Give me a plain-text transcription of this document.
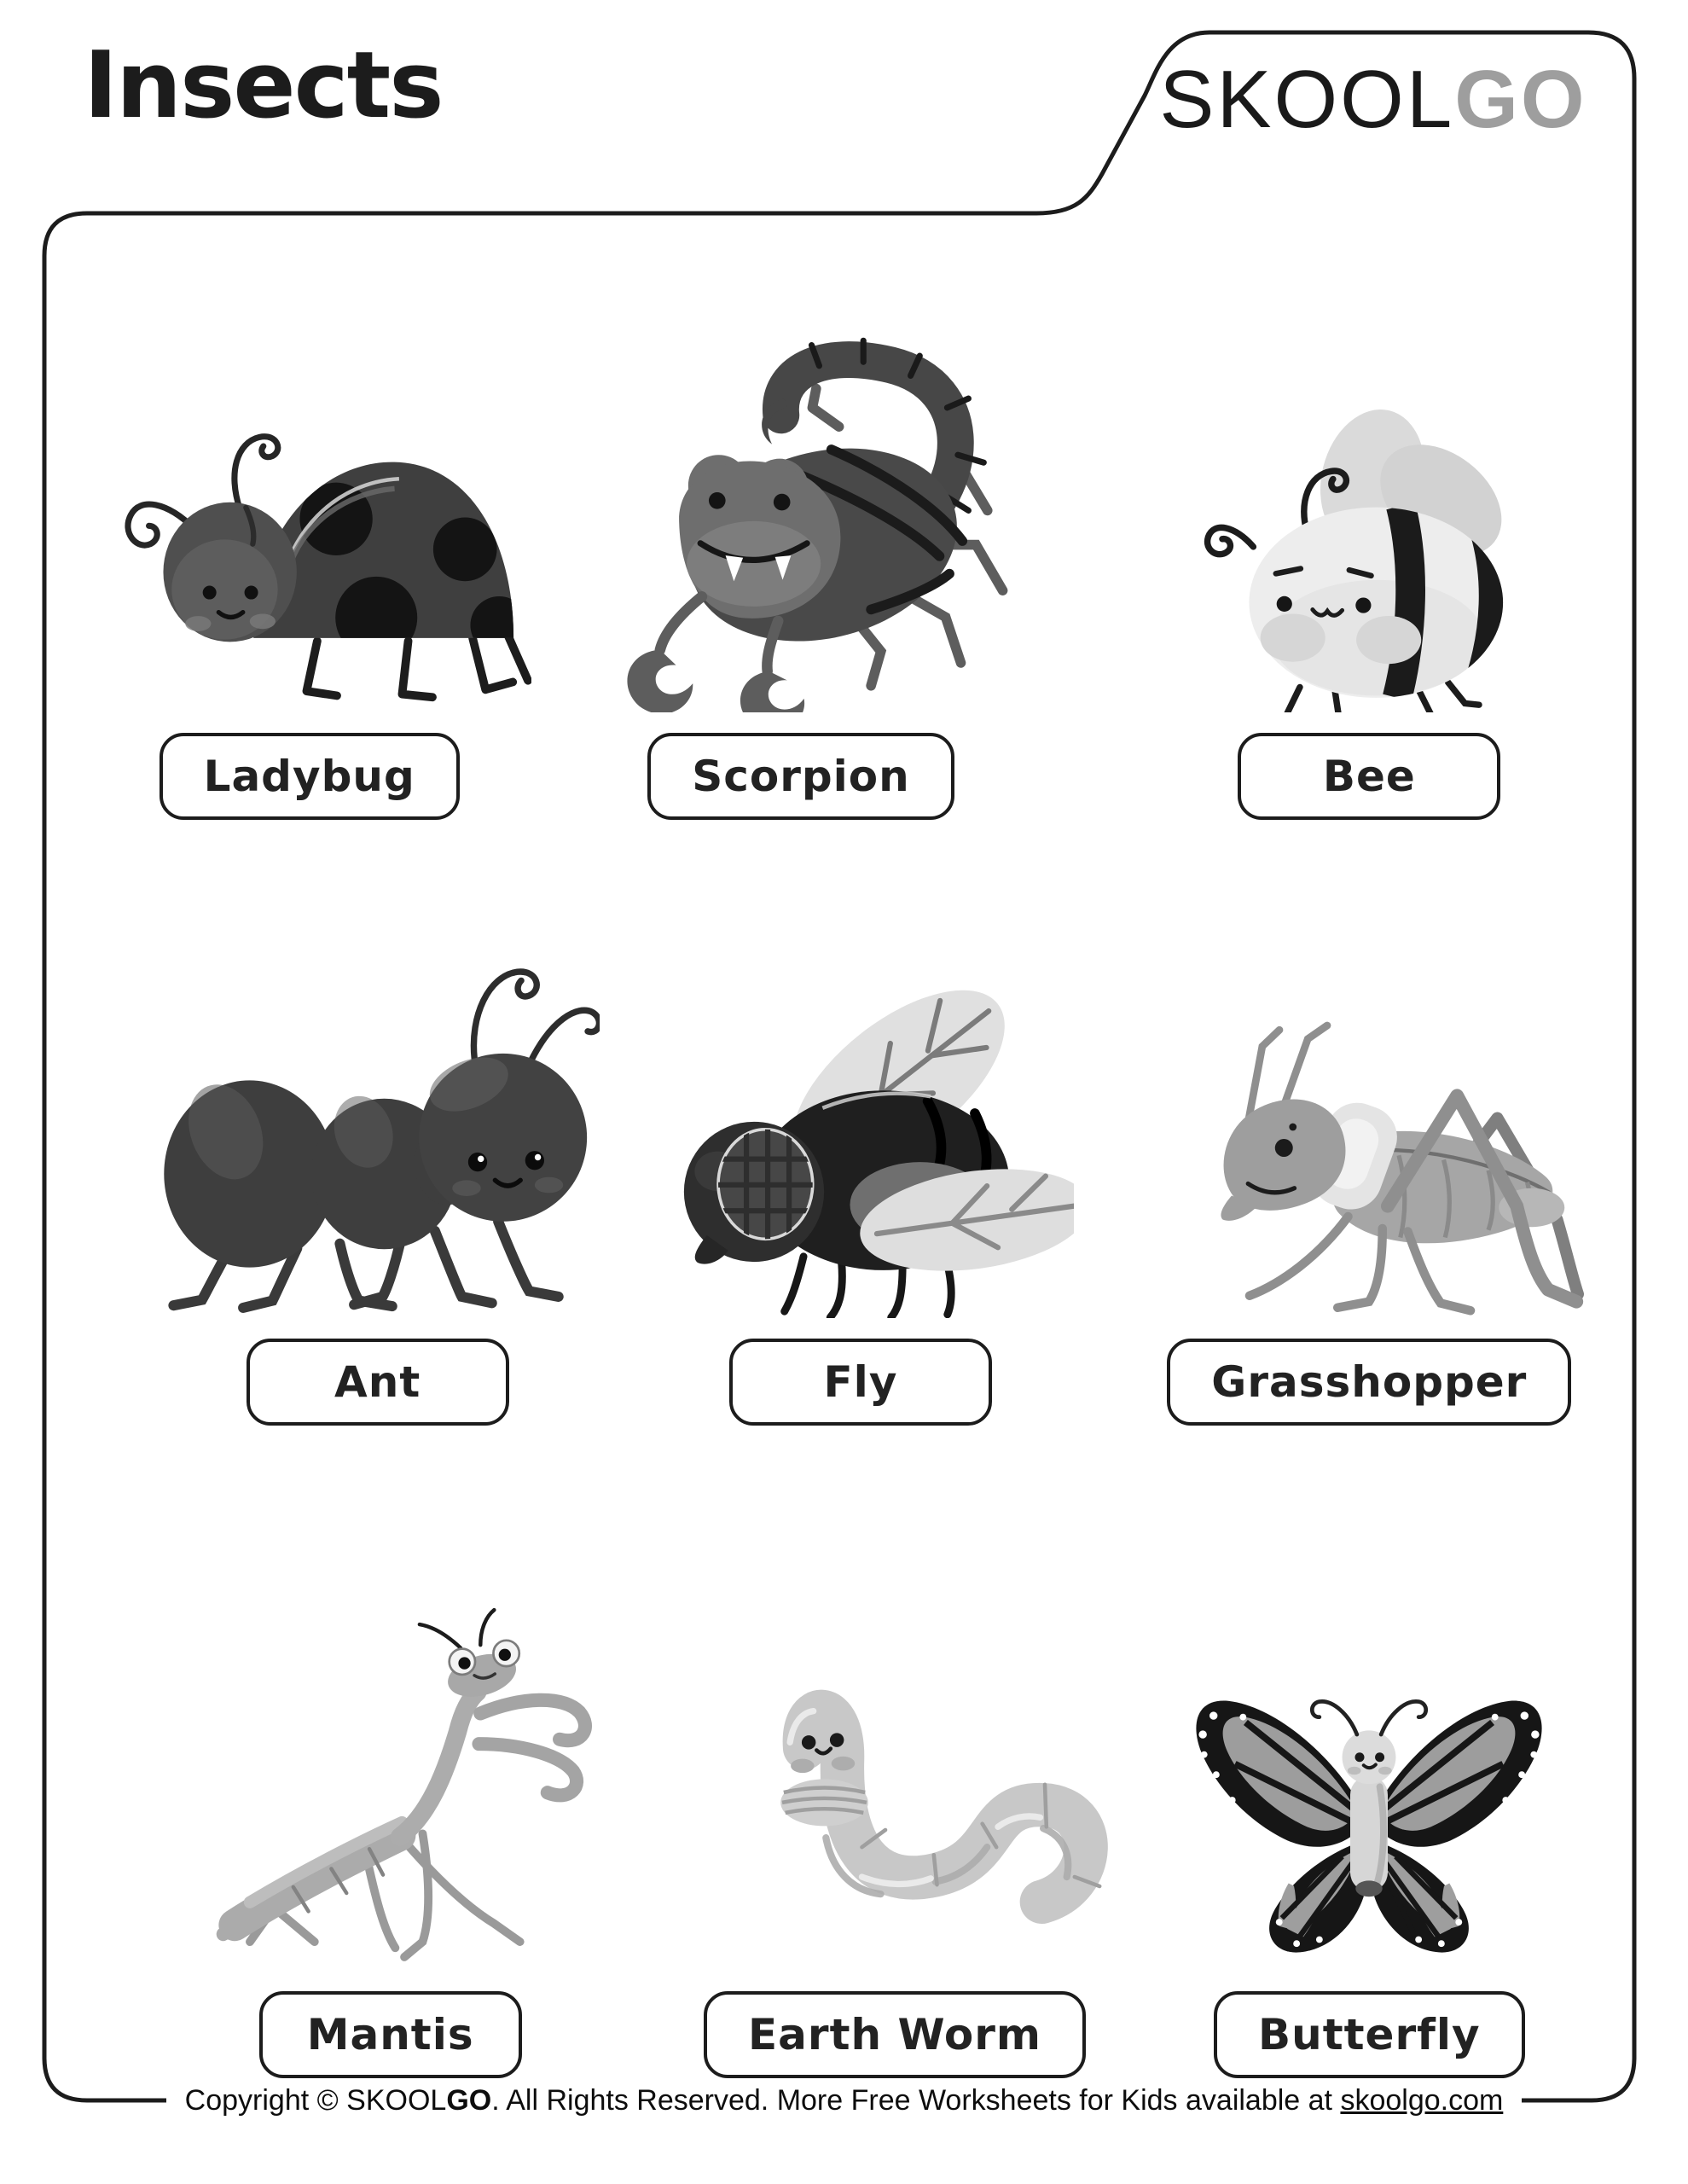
Insects	SKOOLGO
Ladybug	Scorpion	Bee
Ant	Fly	Grasshopper
Mantis	Earth Worm	Butterfly
Copyright © SKOOLGO. All Rights Reserved. More Free Worksheets for Kids available at skoolgo.com
